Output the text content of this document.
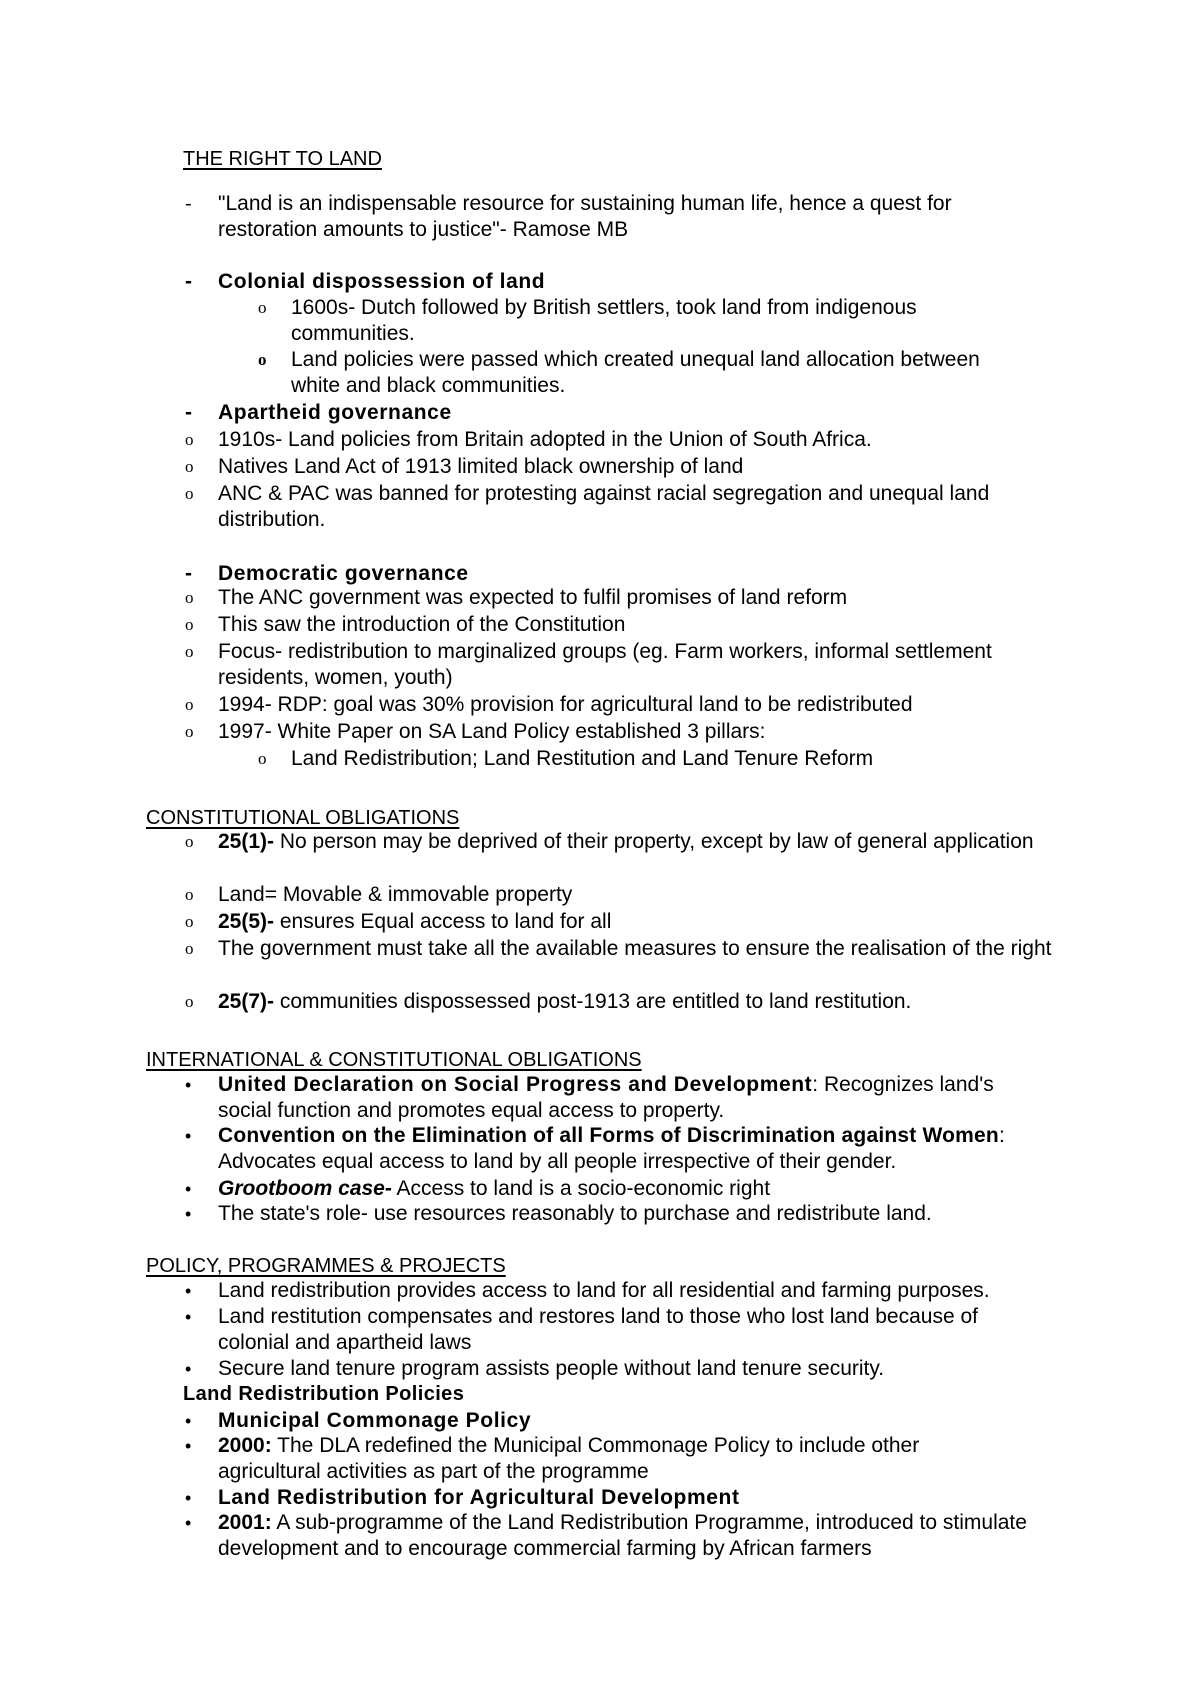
THE RIGHT TO LAND
- "Land is an indispensable resource for sustaining human life, hence a quest for restoration amounts to justice"- Ramose MB
- Colonial dispossession of land
o 1600s- Dutch followed by British settlers, took land from indigenous communities.
o Land policies were passed which created unequal land allocation between white and black communities.
- Apartheid governance
o 1910s- Land policies from Britain adopted in the Union of South Africa.
o Natives Land Act of 1913 limited black ownership of land
o ANC & PAC was banned for protesting against racial segregation and unequal land distribution.
- Democratic governance
o The ANC government was expected to fulfil promises of land reform
o This saw the introduction of the Constitution
o Focus- redistribution to marginalized groups (eg. Farm workers, informal settlement residents, women, youth)
o 1994- RDP: goal was 30% provision for agricultural land to be redistributed
o 1997- White Paper on SA Land Policy established 3 pillars:
o Land Redistribution; Land Restitution and Land Tenure Reform
CONSTITUTIONAL OBLIGATIONS
o 25(1)- No person may be deprived of their property, except by law of general application
o Land= Movable & immovable property
o 25(5)- ensures Equal access to land for all
o The government must take all the available measures to ensure the realisation of the right
o 25(7)- communities dispossessed post-1913 are entitled to land restitution.
INTERNATIONAL & CONSTITUTIONAL OBLIGATIONS
• United Declaration on Social Progress and Development: Recognizes land's social function and promotes equal access to property.
• Convention on the Elimination of all Forms of Discrimination against Women: Advocates equal access to land by all people irrespective of their gender.
• Grootboom case- Access to land is a socio-economic right
• The state's role- use resources reasonably to purchase and redistribute land.
POLICY, PROGRAMMES & PROJECTS
• Land redistribution provides access to land for all residential and farming purposes.
• Land restitution compensates and restores land to those who lost land because of colonial and apartheid laws
• Secure land tenure program assists people without land tenure security.
Land Redistribution Policies
• Municipal Commonage Policy
• 2000: The DLA redefined the Municipal Commonage Policy to include other agricultural activities as part of the programme
• Land Redistribution for Agricultural Development
• 2001: A sub-programme of the Land Redistribution Programme, introduced to stimulate development and to encourage commercial farming by African farmers
